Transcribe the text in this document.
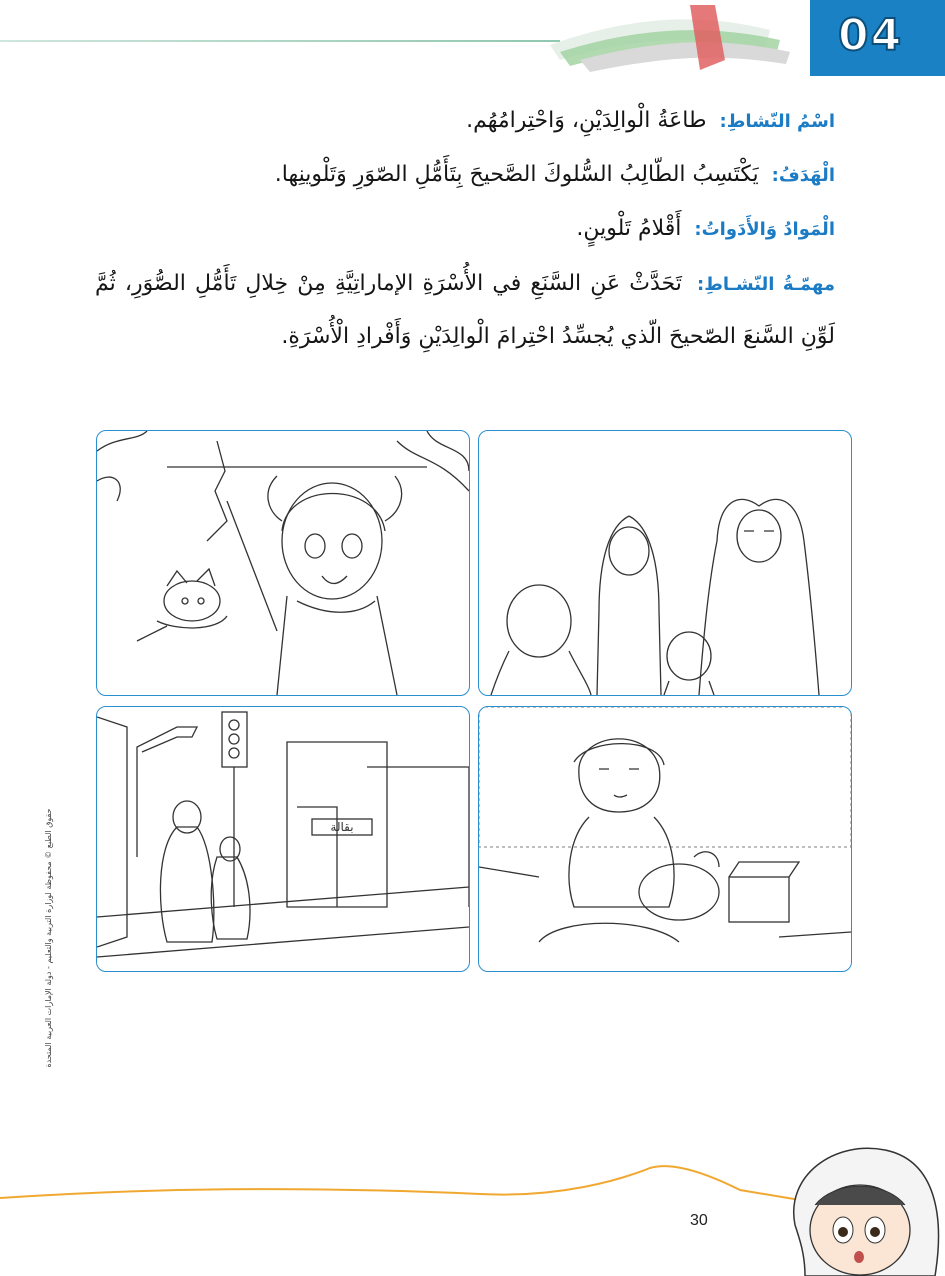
04
اسْمُ النّشاطِ: طاعَةُ الْوالِدَيْنِ، وَاحْتِرامُهُم.
الْهَدَفُ: يَكْتَسِبُ الطّالِبُ السُّلوكَ الصَّحيحَ بِتَأَمُّلِ الصّوَرِ وَتَلْوينِها.
الْمَوادُ وَالأَدَواتُ: أَقْلامُ تَلْوينٍ.
مهمّـةُ النّشـاطِ: تَحَدَّثْ عَنِ السَّنَعِ في الأُسْرَةِ الإماراتِيَّةِ مِنْ خِلالِ تَأَمُّلِ الصُّوَرِ، ثُمَّ لَوِّنِ السَّنعَ الصّحيحَ الّذي يُجسِّدُ احْتِرامَ الْوالِدَيْنِ وَأَفْرادِ الْأُسْرَةِ.
بقالة
حقوق الطبع © محفوظة لوزارة التربية والتعليم - دولة الإمارات العربية المتحدة
30
